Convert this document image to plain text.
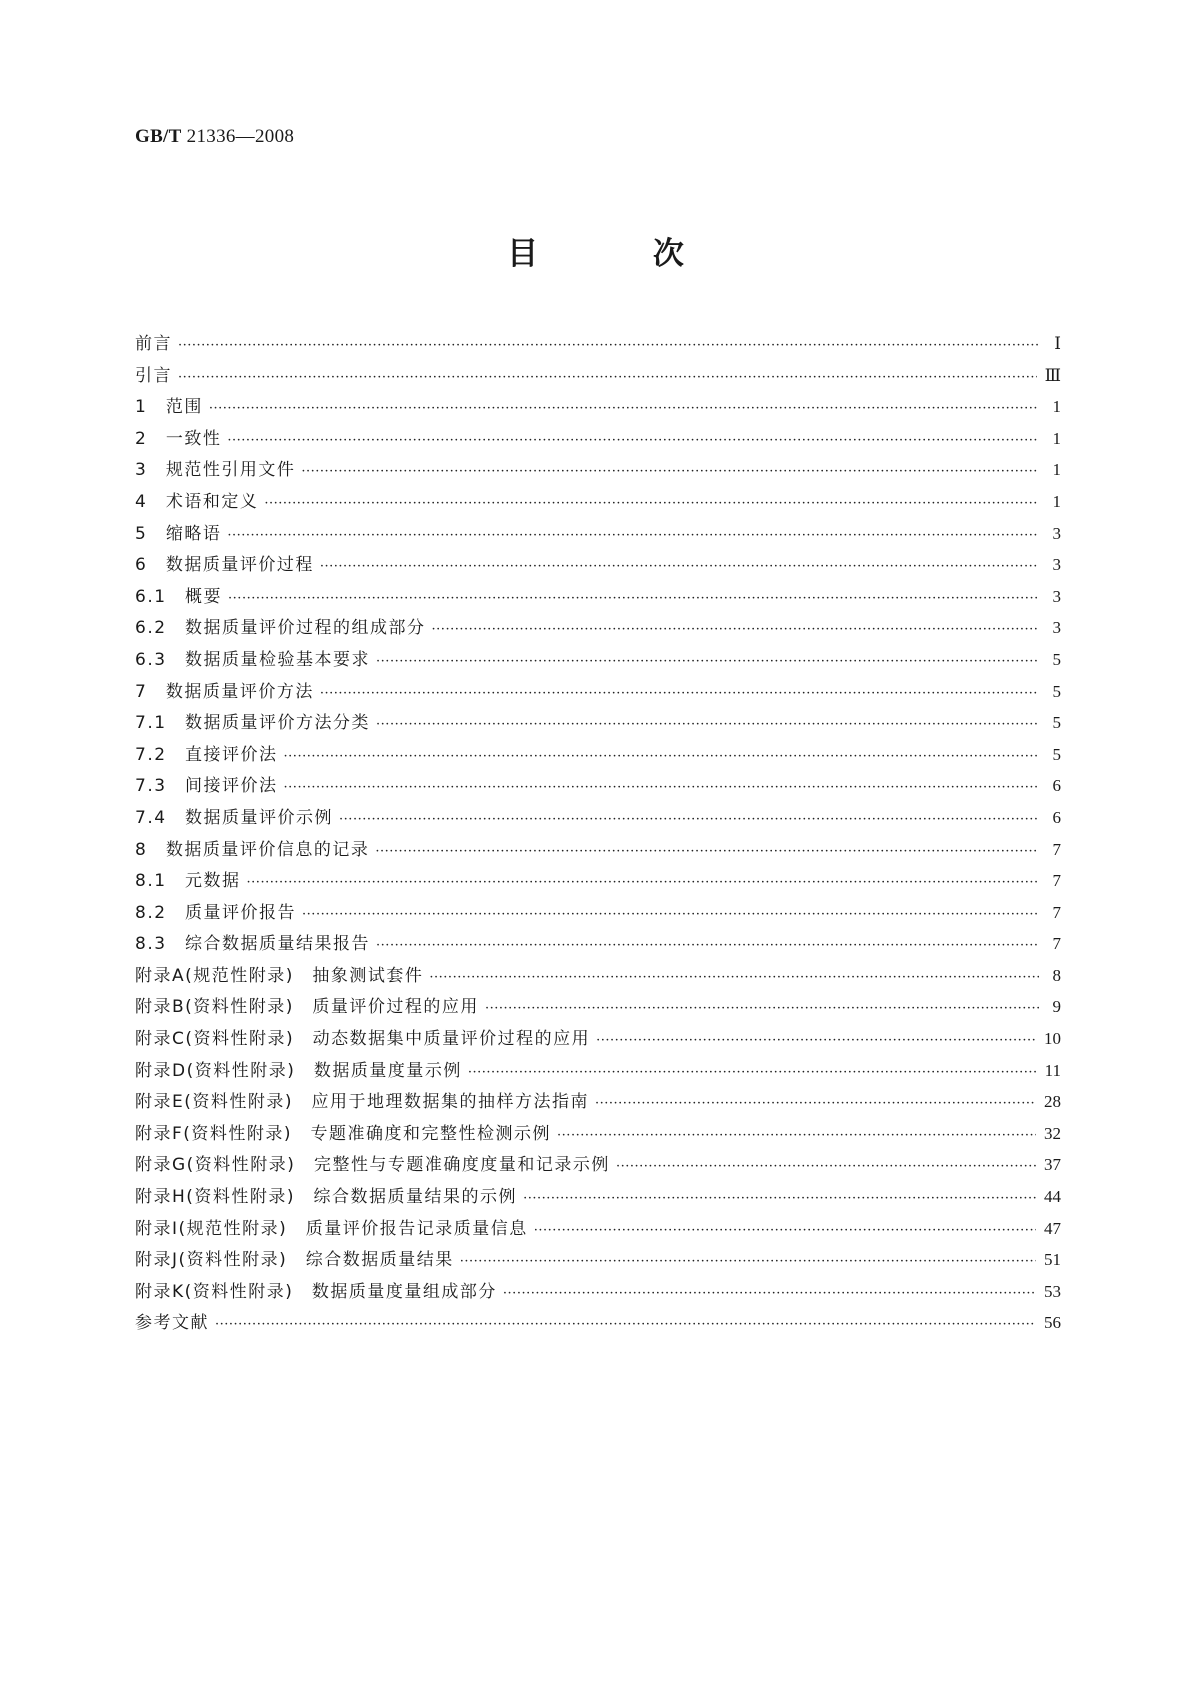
GB/T 21336—2008
目 次
前言 ·····	Ⅰ
引言 ·····	Ⅲ
1　范围 ·····	1
2　一致性 ·····	1
3　规范性引用文件 ·····	1
4　术语和定义 ·····	1
5　缩略语 ·····	3
6　数据质量评价过程 ·····	3
6.1　概要 ·····	3
6.2　数据质量评价过程的组成部分 ·····	3
6.3　数据质量检验基本要求 ·····	5
7　数据质量评价方法 ·····	5
7.1　数据质量评价方法分类 ·····	5
7.2　直接评价法 ·····	5
7.3　间接评价法 ·····	6
7.4　数据质量评价示例 ·····	6
8　数据质量评价信息的记录 ·····	7
8.1　元数据 ·····	7
8.2　质量评价报告 ·····	7
8.3　综合数据质量结果报告 ·····	7
附录A(规范性附录)　抽象测试套件 ·····	8
附录B(资料性附录)　质量评价过程的应用 ·····	9
附录C(资料性附录)　动态数据集中质量评价过程的应用 ·····	10
附录D(资料性附录)　数据质量度量示例 ·····	11
附录E(资料性附录)　应用于地理数据集的抽样方法指南 ·····	28
附录F(资料性附录)　专题准确度和完整性检测示例 ·····	32
附录G(资料性附录)　完整性与专题准确度度量和记录示例 ·····	37
附录H(资料性附录)　综合数据质量结果的示例 ·····	44
附录I(规范性附录)　质量评价报告记录质量信息 ·····	47
附录J(资料性附录)　综合数据质量结果 ·····	51
附录K(资料性附录)　数据质量度量组成部分 ·····	53
参考文献 ·····	56
